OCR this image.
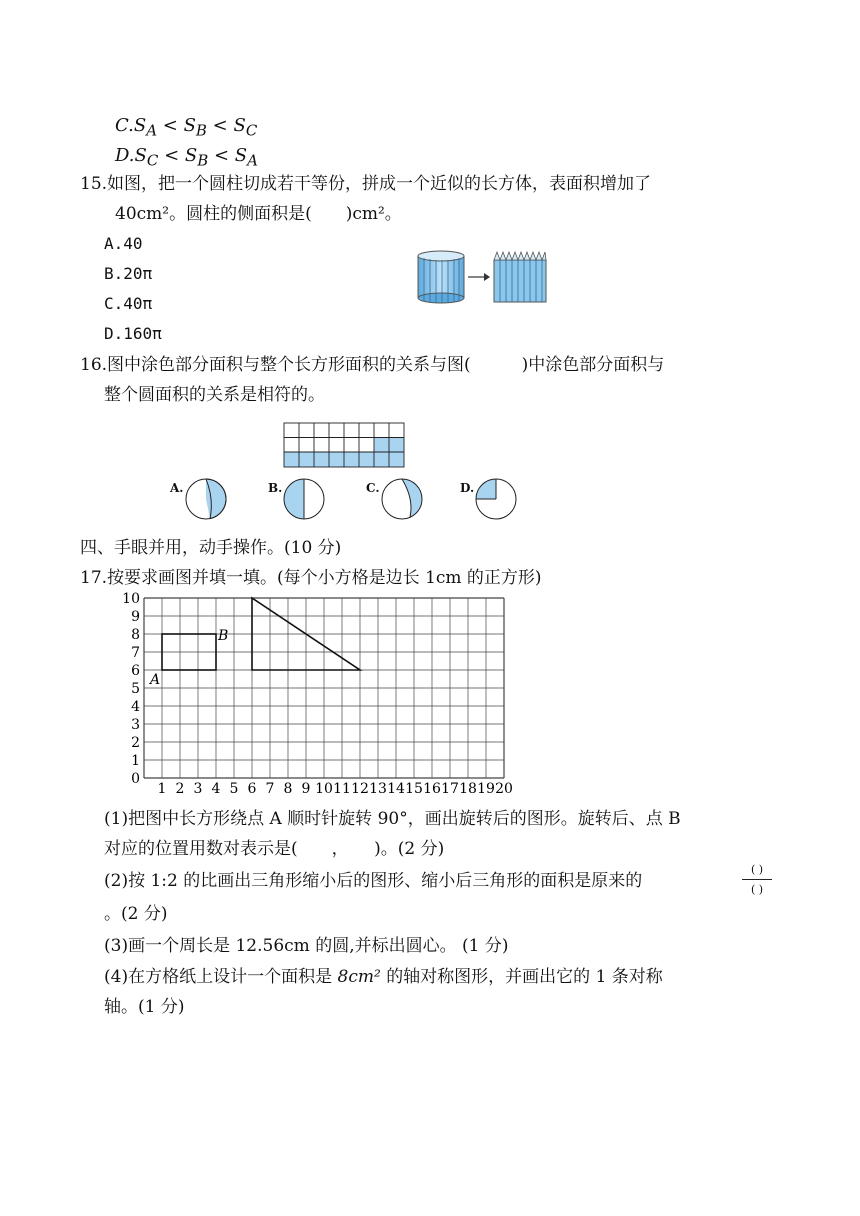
$C.S_A < S_B < S_C$
$D.S_C < S_B < S_A$
15.如图，把一个圆柱切成若干等份，拼成一个近似的长方体，表面积增加了
40cm²。圆柱的侧面积是(　　)cm²。
A.40
B.20π
C.40π
D.160π
16.图中涂色部分面积与整个长方形面积的关系与图(　　　)中涂色部分面积与
整个圆面积的关系是相符的。
A.	B.	C.	D.
四、手眼并用，动手操作。(10 分)
17.按要求画图并填一填。(每个小方格是边长 1cm 的正方形)
1 2 3 4 5 6 7 8 9 10 11 12 13 14 15 16 17 18 19 20
0
1
2
3
4
5
6
7
8
9
10
A
B
(1)把图中长方形绕点 A 顺时针旋转 90°，画出旋转后的图形。旋转后、点 B
对应的位置用数对表示是(　　，　　)。(2 分)
(2)按 1:2 的比画出三角形缩小后的图形、缩小后三角形的面积是原来的
( )
( )
。(2 分)
(3)画一个周长是 12.56cm 的圆,并标出圆心。 (1 分)
(4)在方格纸上设计一个面积是 8cm² 的轴对称图形，并画出它的 1 条对称
轴。(1 分)
